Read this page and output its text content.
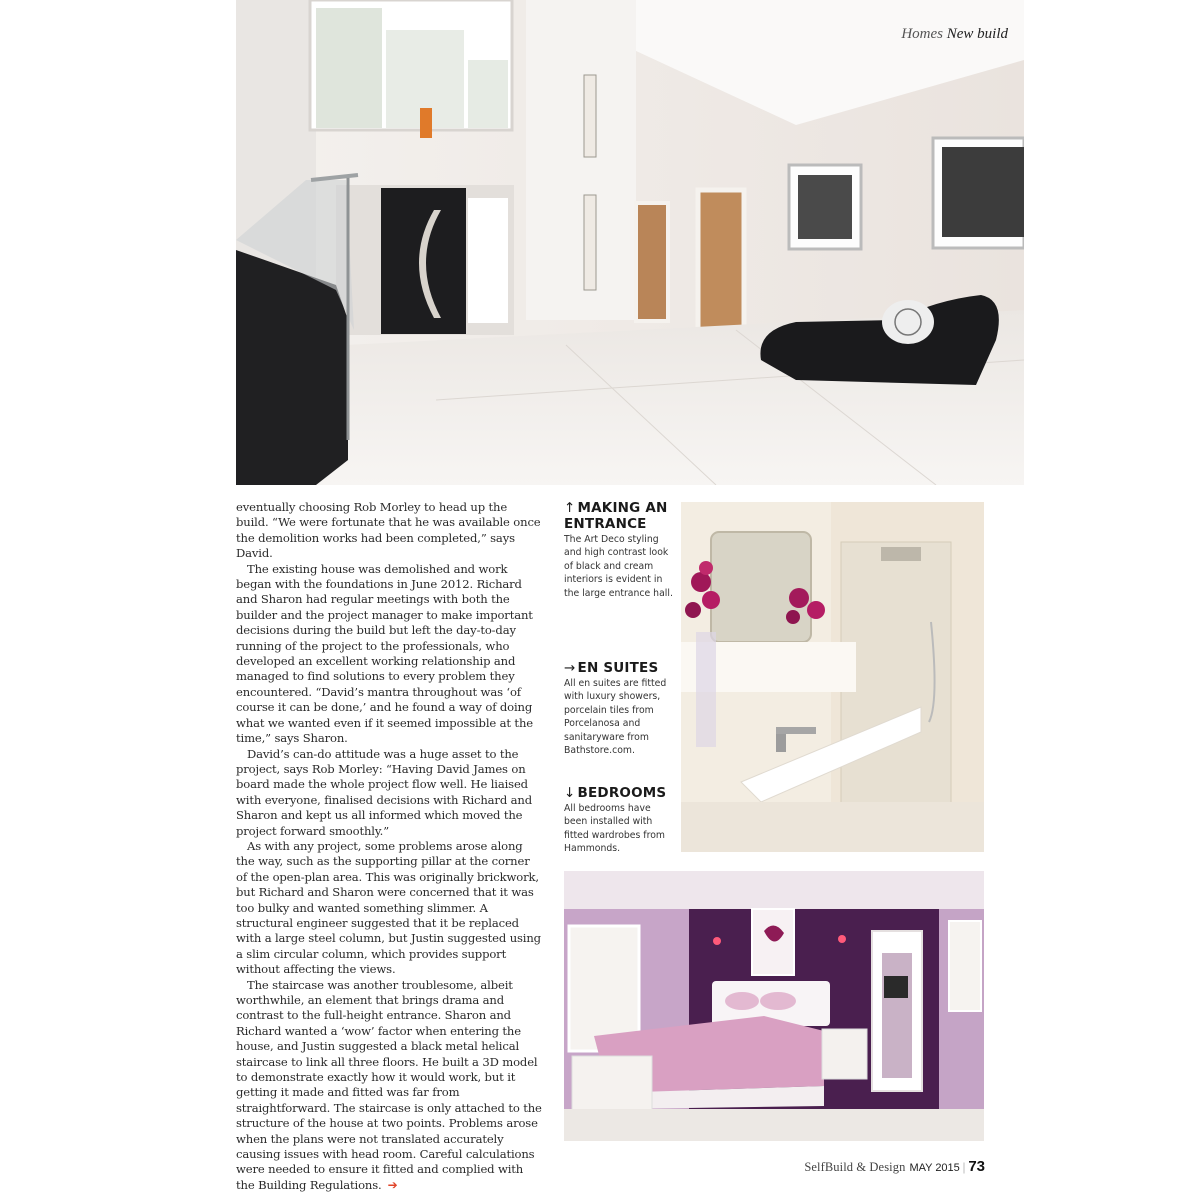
Homes New build

eventually choosing Rob Morley to head up the build. “We were fortunate that he was available once the demolition works had been completed,” says David.

The existing house was demolished and work began with the foundations in June 2012. Richard and Sharon had regular meetings with both the builder and the project manager to make important decisions during the build but left the day-to-day running of the project to the professionals, who developed an excellent working relationship and managed to find solutions to every problem they encountered. “David’s mantra throughout was ‘of course it can be done,’ and he found a way of doing what we wanted even if it seemed impossible at the time,” says Sharon.

David’s can-do attitude was a huge asset to the project, says Rob Morley: “Having David James on board made the whole project flow well. He liaised with everyone, finalised decisions with Richard and Sharon and kept us all informed which moved the project forward smoothly.”

As with any project, some problems arose along the way, such as the supporting pillar at the corner of the open-plan area. This was originally brickwork, but Richard and Sharon were concerned that it was too bulky and wanted something slimmer. A structural engineer suggested that it be replaced with a large steel column, but Justin suggested using a slim circular column, which provides support without affecting the views.

The staircase was another troublesome, albeit worthwhile, an element that brings drama and contrast to the full-height entrance. Sharon and Richard wanted a ‘wow’ factor when entering the house, and Justin suggested a black metal helical staircase to link all three floors. He built a 3D model to demonstrate exactly how it would work, but it getting it made and fitted was far from straightforward. The staircase is only attached to the structure of the house at two points. Problems arose when the plans were not translated accurately causing issues with head room. Careful calculations were needed to ensure it fitted and complied with the Building Regulations. ➔

↑ MAKING AN ENTRANCE
The Art Deco styling and high contrast look of black and cream interiors is evident in the large entrance hall.
→ EN SUITES
All en suites are fitted with luxury showers, porcelain tiles from Porcelanosa and sanitaryware from Bathstore.com.
↓ BEDROOMS
All bedrooms have been installed with fitted wardrobes from Hammonds.
SelfBuild & Design MAY 2015 | 73
